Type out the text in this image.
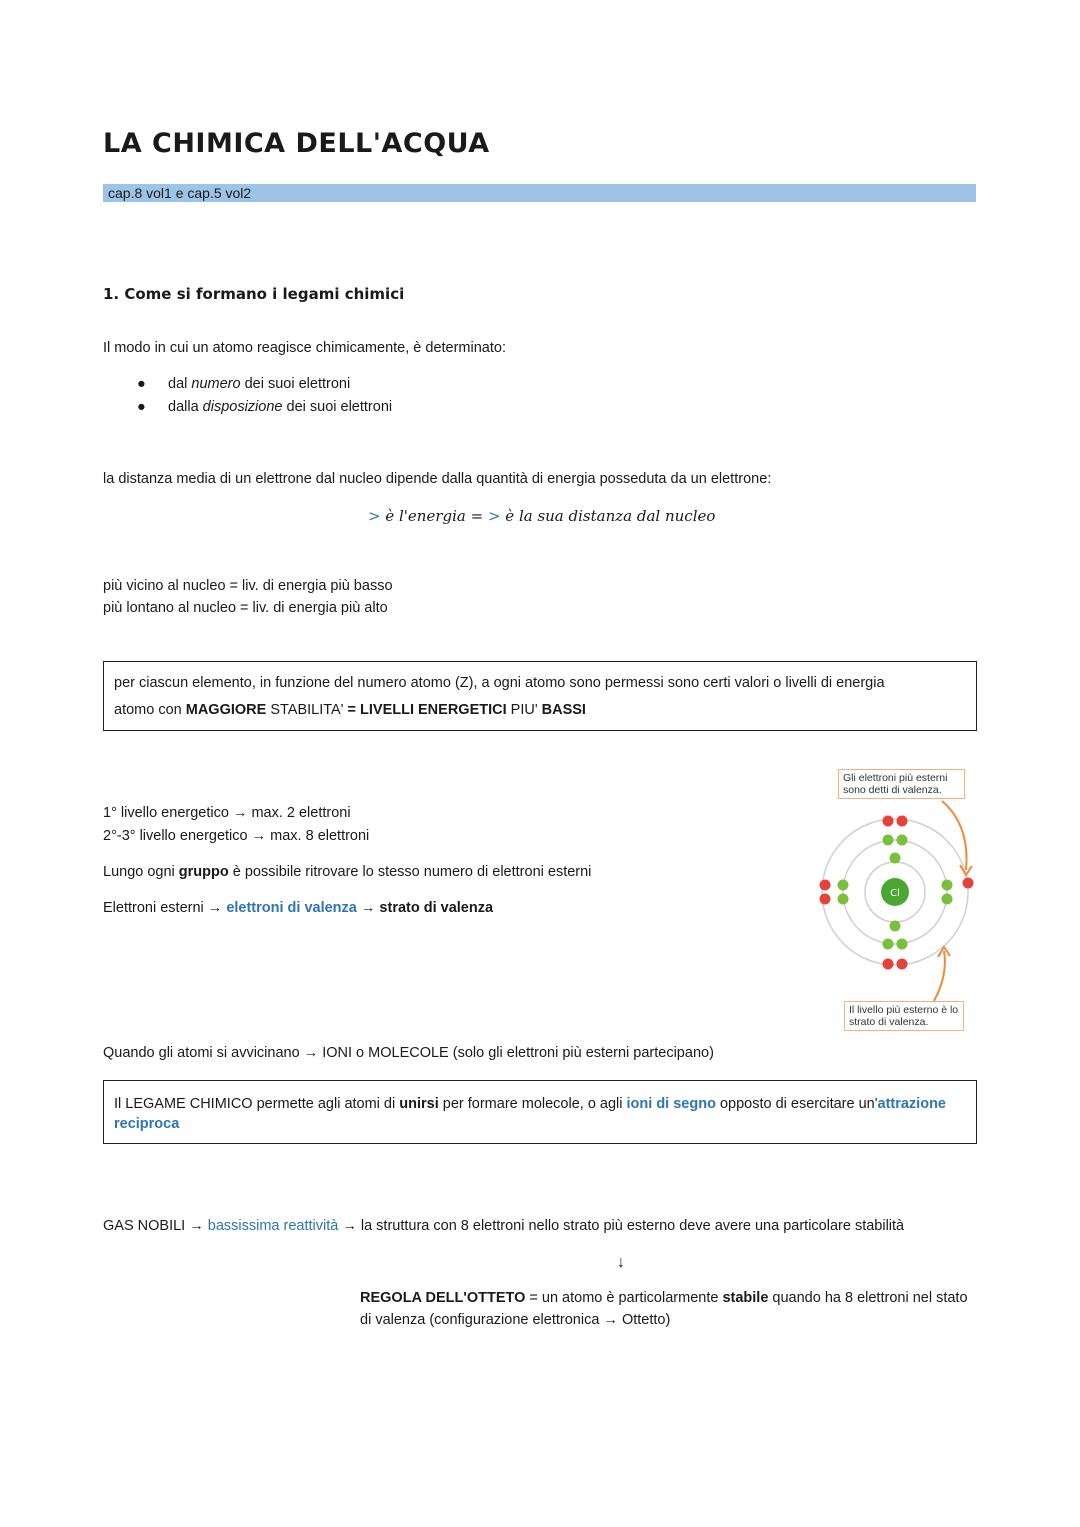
LA CHIMICA DELL'ACQUA
cap.8 vol1 e cap.5 vol2
1. Come si formano i legami chimici
Il modo in cui un atomo reagisce chimicamente, è determinato:
● dal numero dei suoi elettroni
● dalla disposizione dei suoi elettroni
la distanza media di un elettrone dal nucleo dipende dalla quantità di energia posseduta da un elettrone:
> è l'energia = > è la sua distanza dal nucleo
più vicino al nucleo = liv. di energia più basso
più lontano al nucleo = liv. di energia più alto
per ciascun elemento, in funzione del numero atomo (Z), a ogni atomo sono permessi sono certi valori o livelli di energia
atomo con MAGGIORE STABILITA' = LIVELLI ENERGETICI PIU' BASSI
1° livello energetico → max. 2 elettroni
2°-3° livello energetico → max. 8 elettroni
Lungo ogni gruppo è possibile ritrovare lo stesso numero di elettroni esterni
Elettroni esterni → elettroni di valenza → strato di valenza
Gli elettroni più esterni sono detti di valenza.
Il livello più esterno è lo strato di valenza.
Cl
Quando gli atomi si avvicinano → IONI o MOLECOLE (solo gli elettroni più esterni partecipano)
Il LEGAME CHIMICO permette agli atomi di unirsi per formare molecole, o agli ioni di segno opposto di esercitare un'attrazione reciproca
GAS NOBILI → bassissima reattività → la struttura con 8 elettroni nello strato più esterno deve avere una particolare stabilità
↓
REGOLA DELL'OTTETO = un atomo è particolarmente stabile quando ha 8 elettroni nel stato
di valenza (configurazione elettronica → Ottetto)
